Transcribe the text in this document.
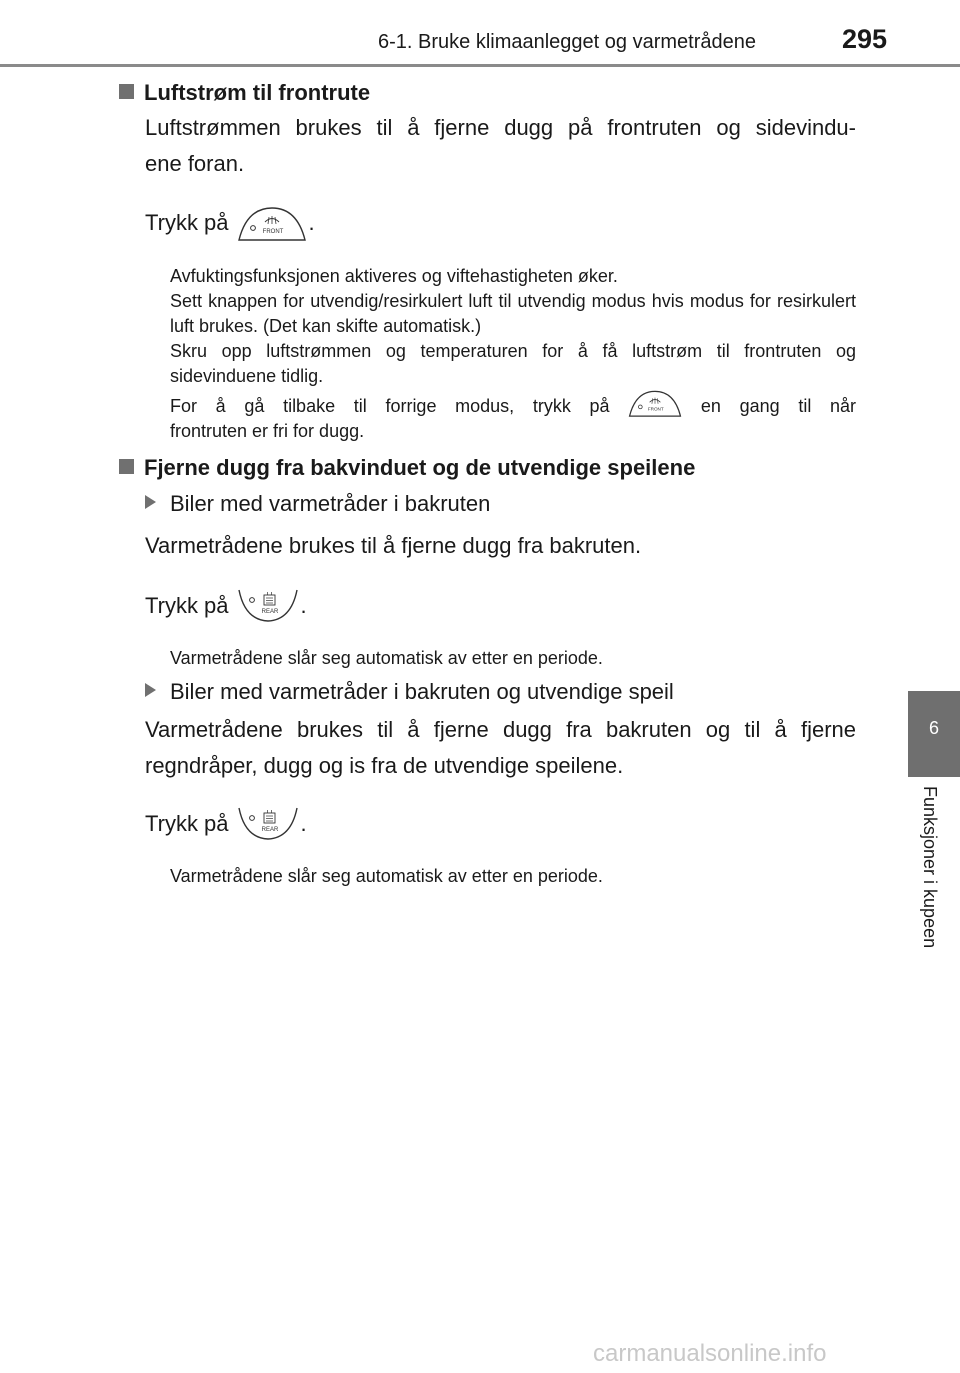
6-1. Bruke klimaanlegget og varmetrådene	295
6
Funksjoner i kupeen
Luftstrøm til frontrute
Luftstrømmen brukes til å fjerne dugg på frontruten og sidevindu-
ene foran.
Trykk på	FRONT .
Avfuktingsfunksjonen aktiveres og viftehastigheten øker.
Sett knappen for utvendig/resirkulert luft til utvendig modus hvis modus for resirkulert luft brukes. (Det kan skifte automatisk.)
Skru opp luftstrømmen og temperaturen for å få luftstrøm til frontruten og sidevinduene tidlig.
For å gå tilbake til forrige modus, trykk på	FRONT en gang til når
frontruten er fri for dugg.
Fjerne dugg fra bakvinduet og de utvendige speilene
Biler med varmetråder i bakruten
Varmetrådene brukes til å fjerne dugg fra bakruten.
Trykk på	REAR .
Varmetrådene slår seg automatisk av etter en periode.
Biler med varmetråder i bakruten og utvendige speil
Varmetrådene brukes til å fjerne dugg fra bakruten og til å fjerne regndråper, dugg og is fra de utvendige speilene.
Trykk på	REAR .
Varmetrådene slår seg automatisk av etter en periode.
carmanualsonline.info
